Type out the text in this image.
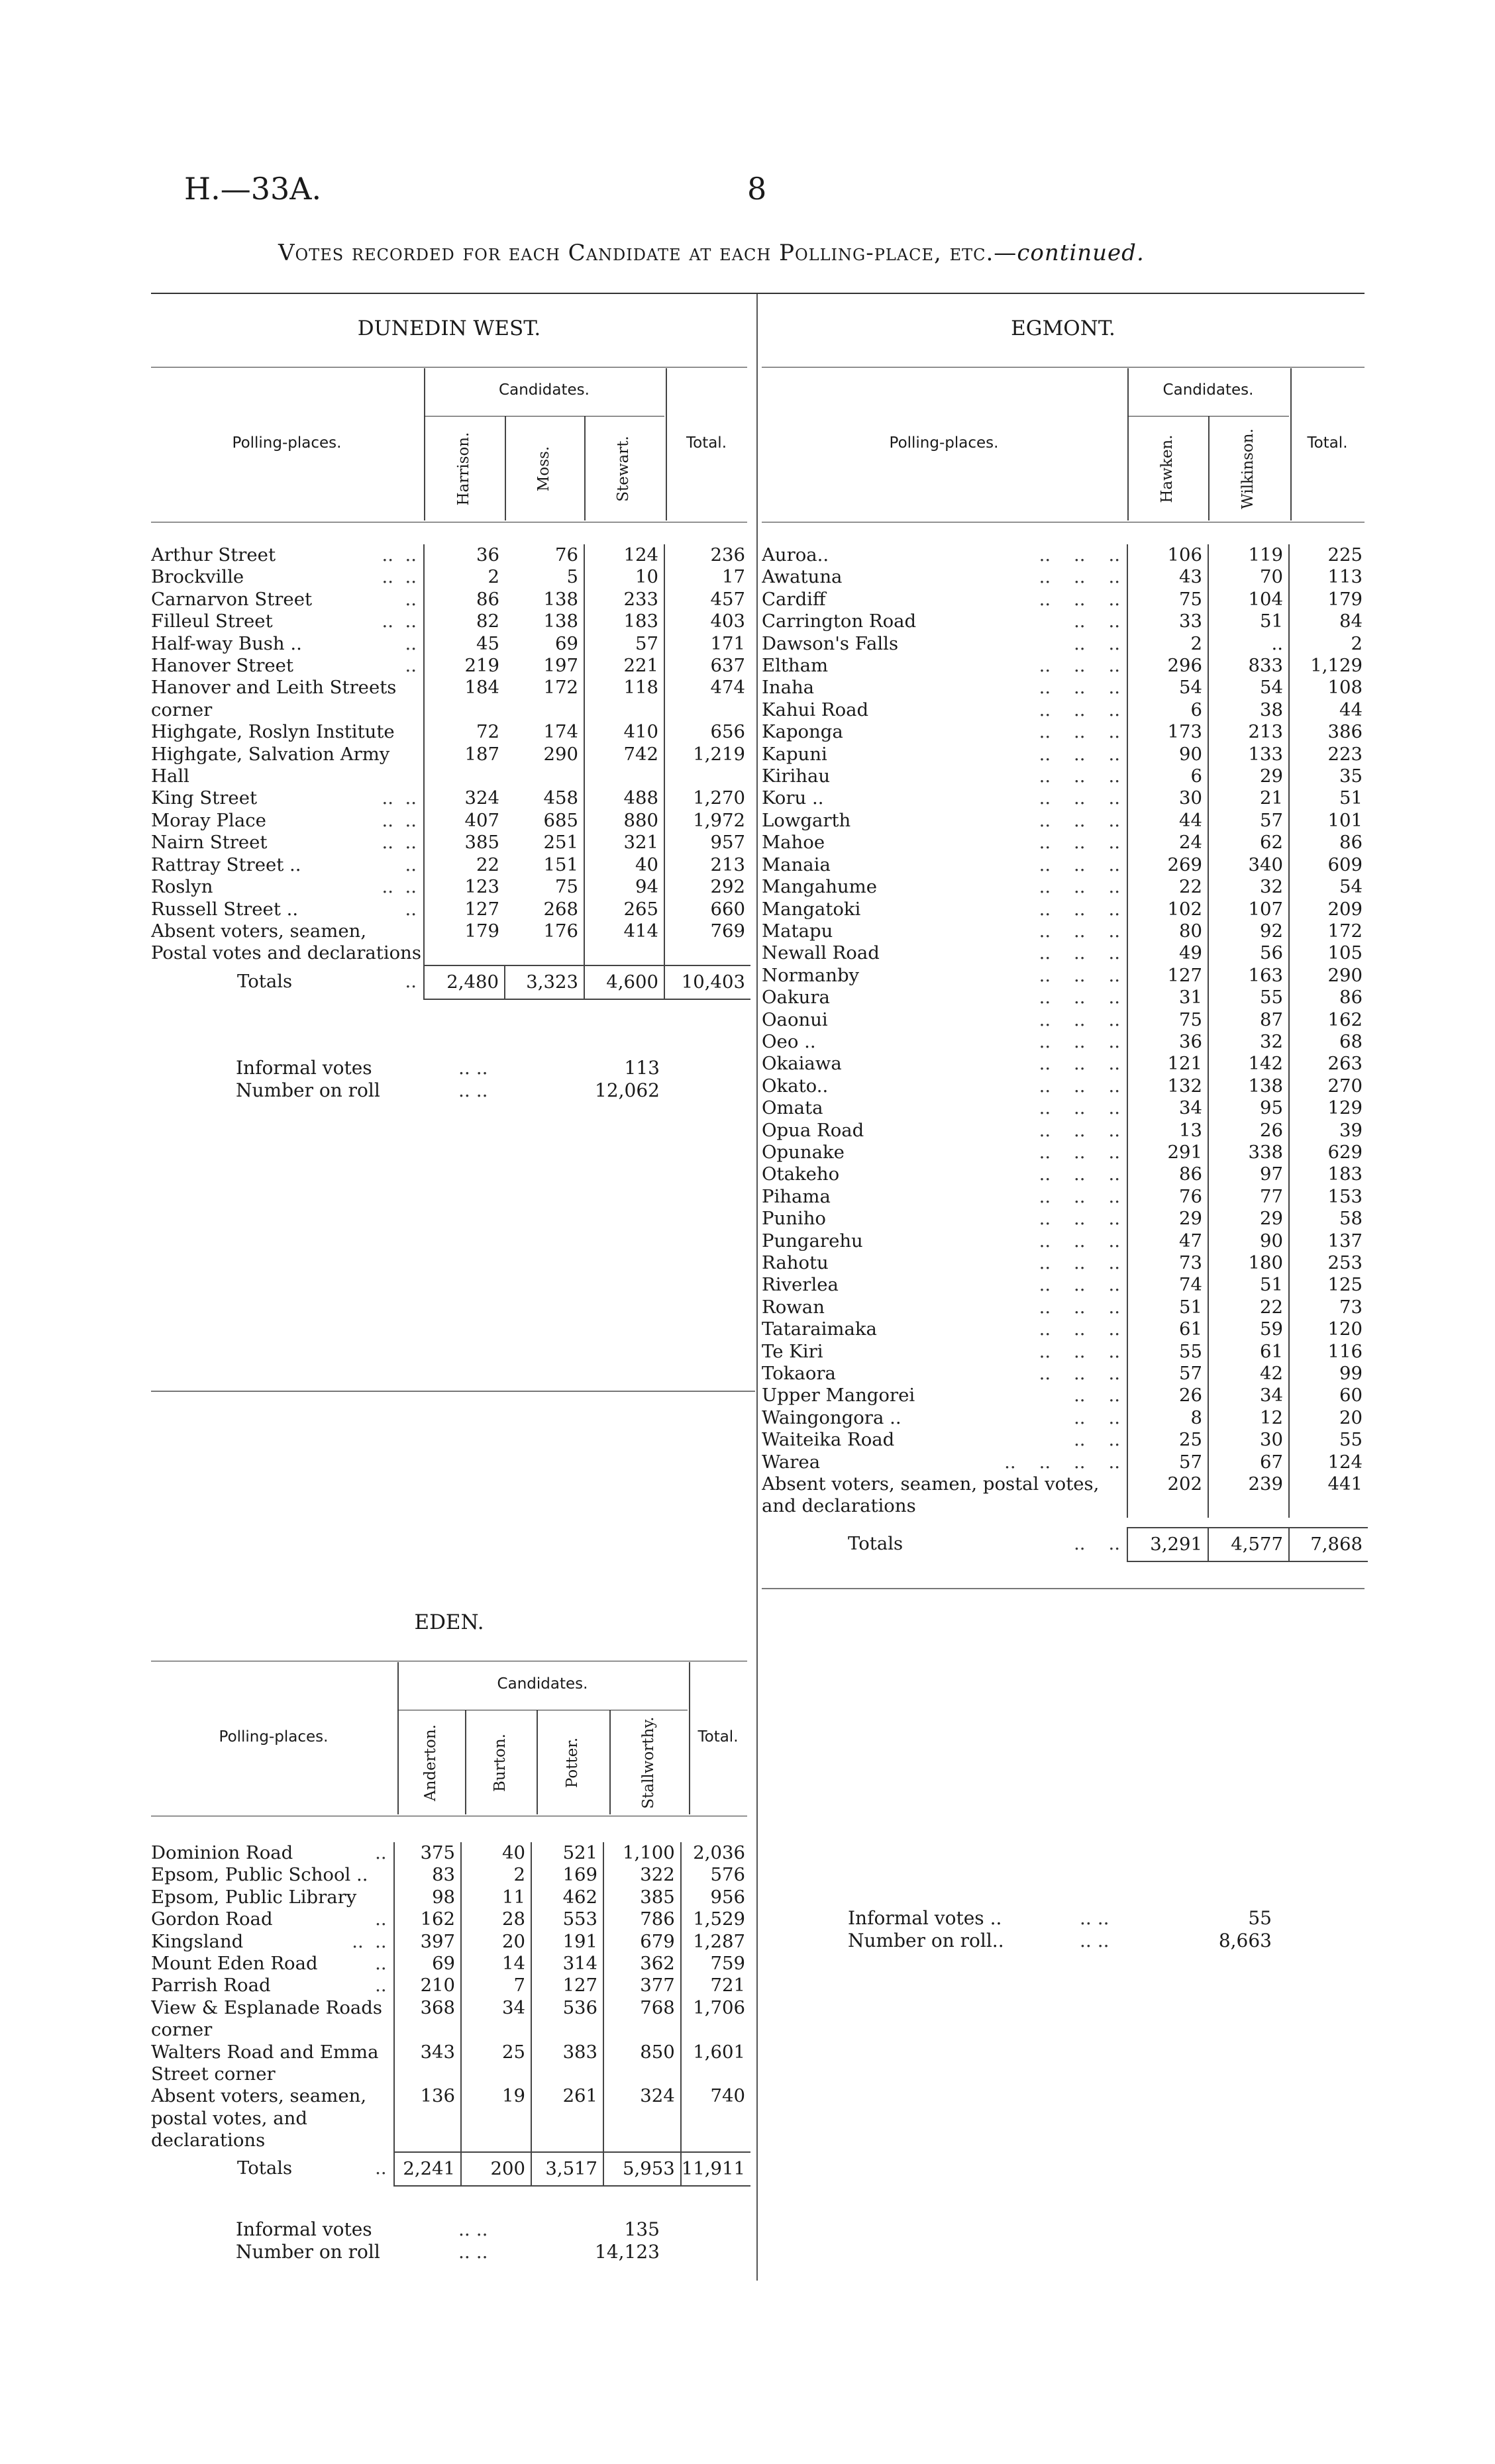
H.—33A.	8
Votes recorded for each Candidate at each Polling-place, etc.—continued.
DUNEDIN WEST.
Polling-places.
Candidates.
Harrison.	Moss.	Stewart.	Total.
Arthur Street ..  ..	36	76	124	236
Brockville ..  ..	2	5	10	17
Carnarvon Street ..	86	138	233	457
Filleul Street ..  ..	82	138	183	403
Half-way Bush .. ..	45	69	57	171
Hanover Street ..	219	197	221	637
Hanover and Leith Streets corner	184	172	118	474
Highgate, Roslyn Institute	72	174	410	656
Highgate, Salvation Army Hall	187	290	742	1,219
King Street ..  ..	324	458	488	1,270
Moray Place ..  ..	407	685	880	1,972
Nairn Street ..  ..	385	251	321	957
Rattray Street .. ..	22	151	40	213
Roslyn ..  ..	123	75	94	292
Russell Street .. ..	127	268	265	660
Absent voters, seamen, Postal votes and declarations	179	176	414	769

Totals ..	2,480	3,323	4,600	10,403
Informal votes	.. ..	113
Number on roll	.. ..	12,062
EGMONT.
Polling-places.
Candidates.
Hawken.	Wilkinson.	Total.
Auroa.. ..    ..    ..	106	119	225
Awatuna ..    ..    ..	43	70	113
Cardiff ..    ..    ..	75	104	179
Carrington Road ..    ..	33	51	84
Dawson's Falls ..    ..	2	..	2
Eltham ..    ..    ..	296	833	1,129
Inaha ..    ..    ..	54	54	108
Kahui Road ..    ..    ..	6	38	44
Kaponga ..    ..    ..	173	213	386
Kapuni ..    ..    ..	90	133	223
Kirihau ..    ..    ..	6	29	35
Koru .. ..    ..    ..	30	21	51
Lowgarth ..    ..    ..	44	57	101
Mahoe ..    ..    ..	24	62	86
Manaia ..    ..    ..	269	340	609
Mangahume ..    ..    ..	22	32	54
Mangatoki ..    ..    ..	102	107	209
Matapu ..    ..    ..	80	92	172
Newall Road ..    ..    ..	49	56	105
Normanby ..    ..    ..	127	163	290
Oakura ..    ..    ..	31	55	86
Oaonui ..    ..    ..	75	87	162
Oeo .. ..    ..    ..	36	32	68
Okaiawa ..    ..    ..	121	142	263
Okato.. ..    ..    ..	132	138	270
Omata ..    ..    ..	34	95	129
Opua Road ..    ..    ..	13	26	39
Opunake ..    ..    ..	291	338	629
Otakeho ..    ..    ..	86	97	183
Pihama ..    ..    ..	76	77	153
Puniho ..    ..    ..	29	29	58
Pungarehu ..    ..    ..	47	90	137
Rahotu ..    ..    ..	73	180	253
Riverlea ..    ..    ..	74	51	125
Rowan ..    ..    ..	51	22	73
Tataraimaka ..    ..    ..	61	59	120
Te Kiri ..    ..    ..	55	61	116
Tokaora ..    ..    ..	57	42	99
Upper Mangorei ..    ..	26	34	60
Waingongora .. ..    ..	8	12	20
Waiteika Road ..    ..	25	30	55
Warea ..    ..    ..    ..	57	67	124
Absent voters, seamen, postal votes, and declarations	202	239	441

Totals ..    ..	3,291	4,577	7,868
Informal votes ..	.. ..	55
Number on roll..	.. ..	8,663
EDEN.
Polling-places.
Candidates.
Anderton.	Burton.	Potter.	Stallworthy.	Total.
Dominion Road ..	375	40	521	1,100	2,036
Epsom, Public School ..	83	2	169	322	576
Epsom, Public Library	98	11	462	385	956
Gordon Road ..	162	28	553	786	1,529
Kingsland ..  ..	397	20	191	679	1,287
Mount Eden Road ..	69	14	314	362	759
Parrish Road ..	210	7	127	377	721
View & Esplanade Roads corner	368	34	536	768	1,706
Walters Road and Emma Street corner	343	25	383	850	1,601
Absent voters, seamen, postal votes, and declarations	136	19	261	324	740
Totals ..	2,241	200	3,517	5,953	11,911
Informal votes	.. ..	135
Number on roll	.. ..	14,123
